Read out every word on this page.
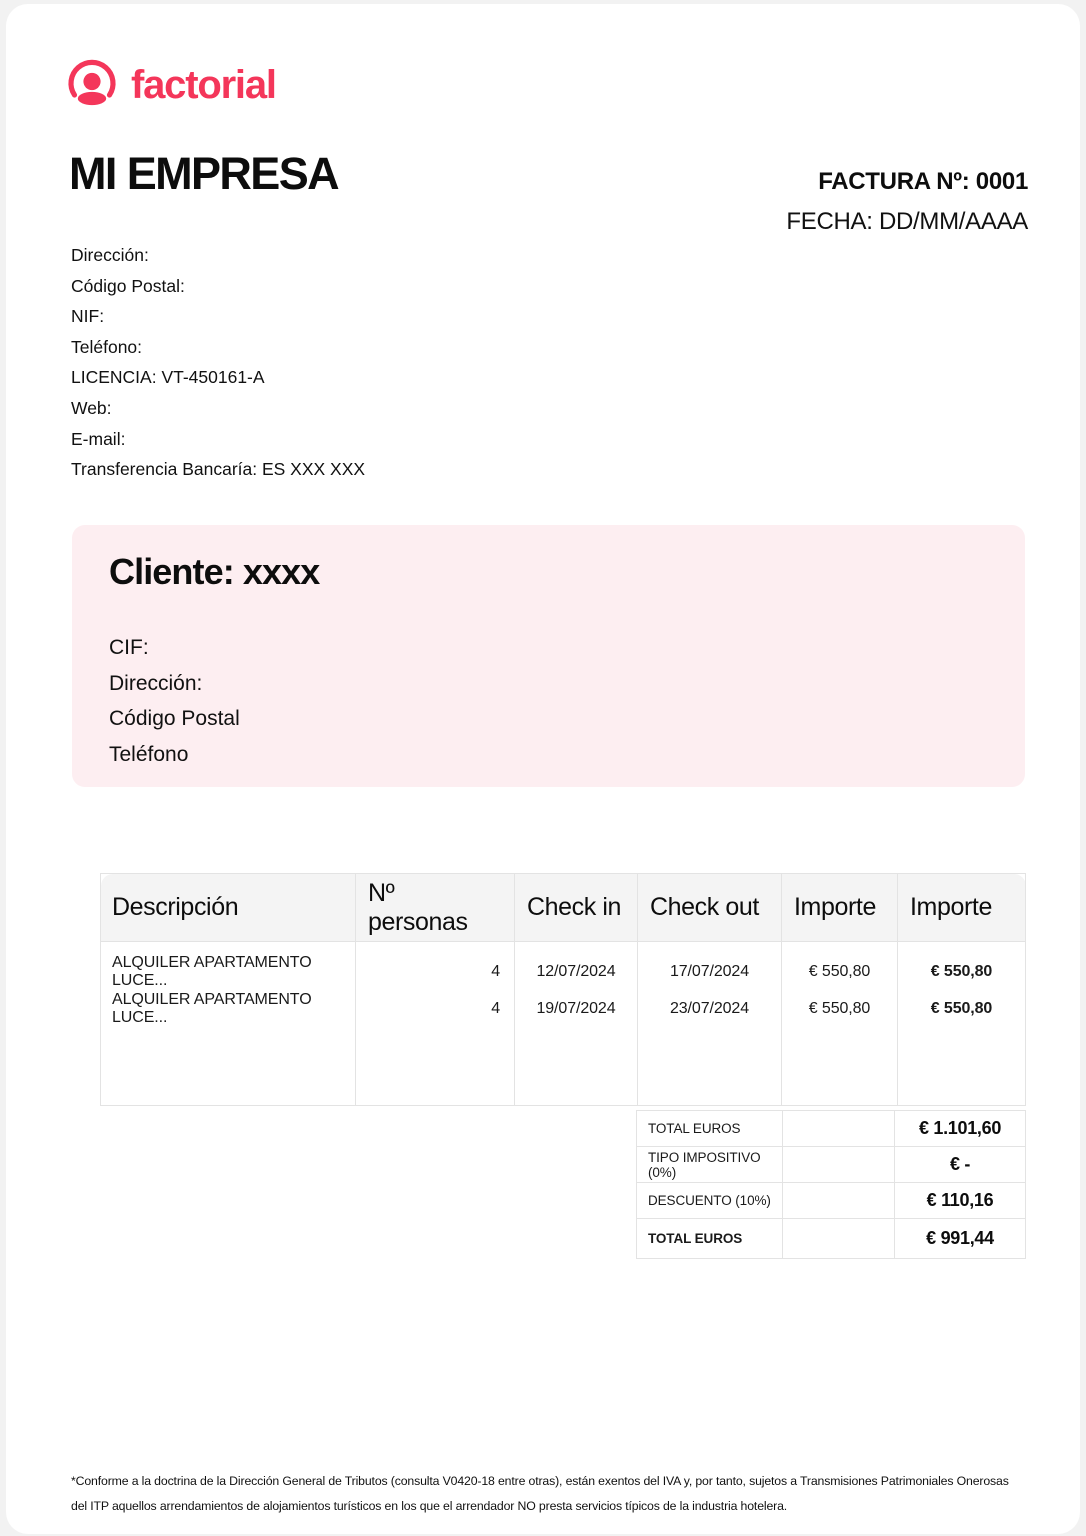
factorial
MI EMPRESA
Dirección:
Código Postal:
NIF:
Teléfono:
LICENCIA: VT-450161-A
Web:
E-mail:
Transferencia Bancaría: ES XXX XXX
FACTURA Nº: 0001
FECHA: DD/MM/AAAA
Cliente: xxxx
CIF:
Dirección:
Código Postal
Teléfono
Descripción	Nº personas	Check in	Check out	Importe	Importe
ALQUILER APARTAMENTO LUCE...	4	12/07/2024	17/07/2024	€ 550,80	€ 550,80
ALQUILER APARTAMENTO LUCE...	4	19/07/2024	23/07/2024	€ 550,80	€ 550,80

TOTAL EUROS		€ 1.101,60
TIPO IMPOSITIVO (0%)		€ -
DESCUENTO (10%)		€ 110,16
TOTAL EUROS		€ 991,44
*Conforme a la doctrina de la Dirección General de Tributos (consulta V0420-18 entre otras), están exentos del IVA y, por tanto, sujetos a Transmisiones Patrimoniales Onerosas del ITP aquellos arrendamientos de alojamientos turísticos en los que el arrendador NO presta servicios típicos de la industria hotelera.
